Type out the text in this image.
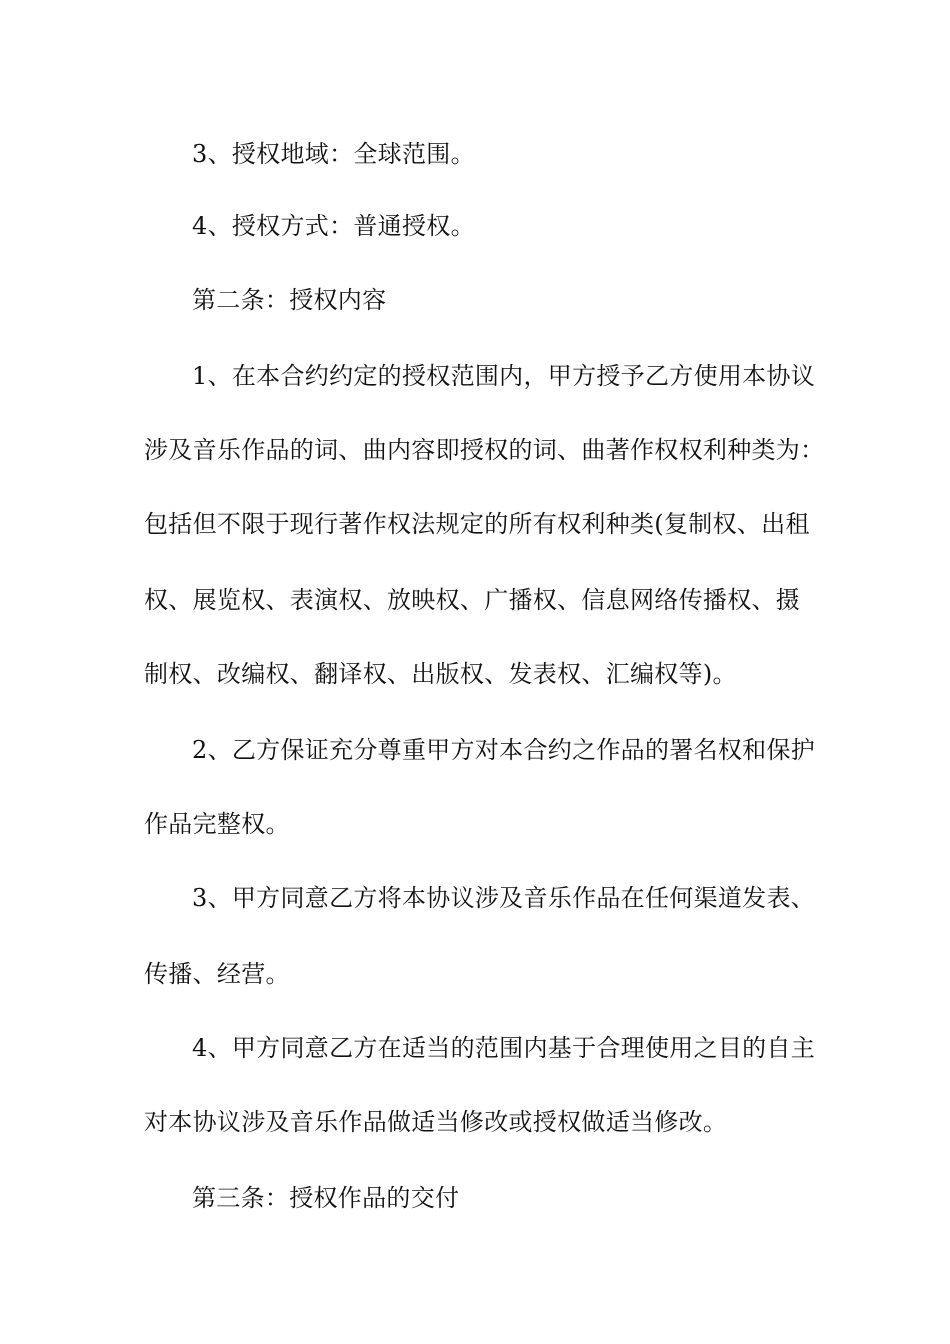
3、授权地域：全球范围。
4、授权方式：普通授权。
第二条：授权内容
1、在本合约约定的授权范围内，甲方授予乙方使用本协议
涉及音乐作品的词、曲内容即授权的词、曲著作权权利种类为：
包括但不限于现行著作权法规定的所有权利种类(复制权、出租
权、展览权、表演权、放映权、广播权、信息网络传播权、摄
制权、改编权、翻译权、出版权、发表权、汇编权等)。
2、乙方保证充分尊重甲方对本合约之作品的署名权和保护
作品完整权。
3、甲方同意乙方将本协议涉及音乐作品在任何渠道发表、
传播、经营。
4、甲方同意乙方在适当的范围内基于合理使用之目的自主
对本协议涉及音乐作品做适当修改或授权做适当修改。
第三条：授权作品的交付
